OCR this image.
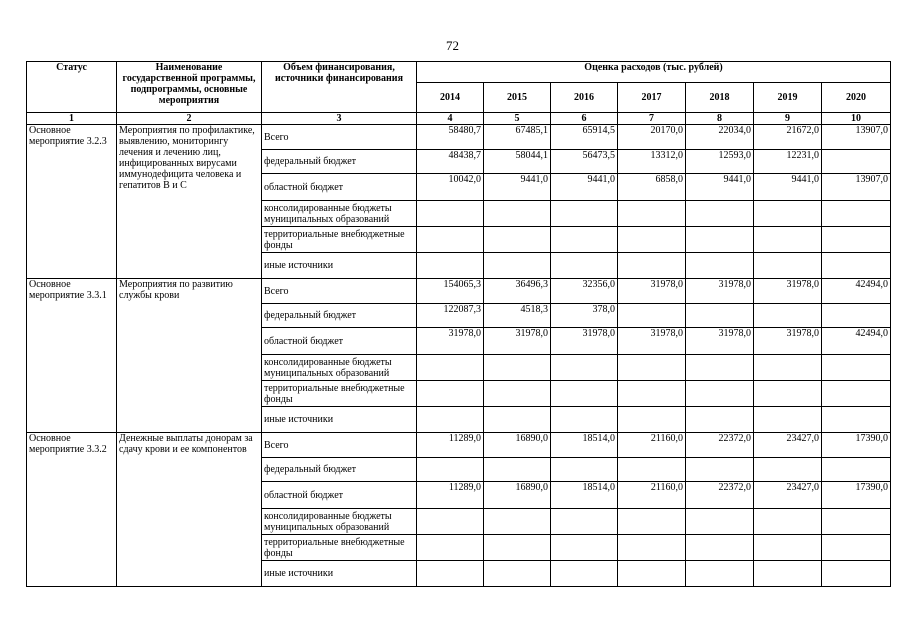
72
Статус	Наименование государственной программы, подпрограммы, основные мероприятия	Объем финансирования, источники финансирования	Оценка расходов (тыс. рублей)						
			2014	2015	2016	2017	2018	2019	2020
1	2	3	4	5	6	7	8	9	10
Основное мероприятие 3.2.3	Мероприятия по профилактике, выявлению, мониторингу лечения и лечению лиц, инфицированных вирусами иммунодефицита человека и гепатитов В и С	Всего	58480,7	67485,1	65914,5	20170,0	22034,0	21672,0	13907,0
		федеральный бюджет	48438,7	58044,1	56473,5	13312,0	12593,0	12231,0	
		областной бюджет	10042,0	9441,0	9441,0	6858,0	9441,0	9441,0	13907,0
		консолидированные бюджеты муниципальных образований							
		территориальные внебюджетные фонды							
		иные источники							
Основное мероприятие 3.3.1	Мероприятия по развитию службы крови	Всего	154065,3	36496,3	32356,0	31978,0	31978,0	31978,0	42494,0
		федеральный бюджет	122087,3	4518,3	378,0				
		областной бюджет	31978,0	31978,0	31978,0	31978,0	31978,0	31978,0	42494,0
		консолидированные бюджеты муниципальных образований							
		территориальные внебюджетные фонды							
		иные источники							
Основное мероприятие 3.3.2	Денежные выплаты донорам за сдачу крови и ее компонентов	Всего	11289,0	16890,0	18514,0	21160,0	22372,0	23427,0	17390,0
		федеральный бюджет							
		областной бюджет	11289,0	16890,0	18514,0	21160,0	22372,0	23427,0	17390,0
		консолидированные бюджеты муниципальных образований							
		территориальные внебюджетные фонды							
		иные источники							
